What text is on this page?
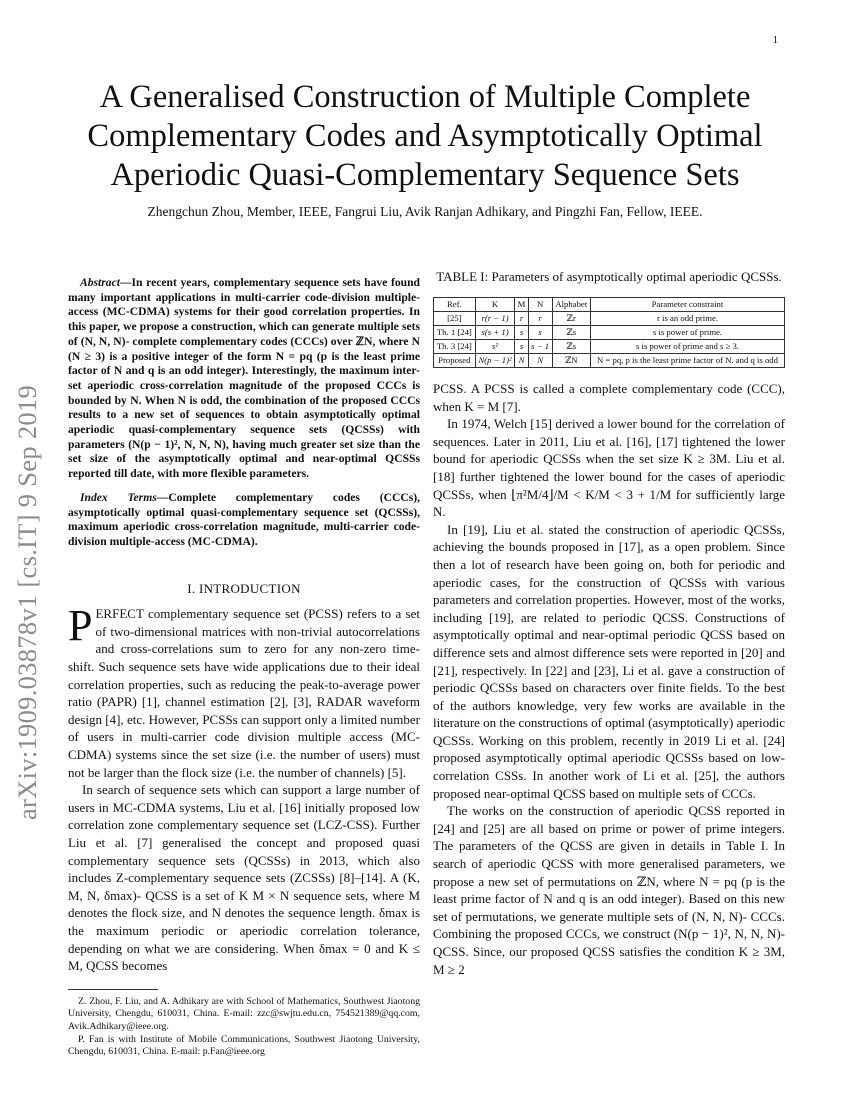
1
arXiv:1909.03878v1 [cs.IT] 9 Sep 2019
A Generalised Construction of Multiple Complete
Complementary Codes and Asymptotically Optimal
Aperiodic Quasi-Complementary Sequence Sets
Zhengchun Zhou, Member, IEEE, Fangrui Liu, Avik Ranjan Adhikary, and Pingzhi Fan, Fellow, IEEE.
Abstract—In recent years, complementary sequence sets have found many important applications in multi-carrier code-division multiple-access (MC-CDMA) systems for their good correlation properties. In this paper, we propose a construction, which can generate multiple sets of (N, N, N)- complete complementary codes (CCCs) over ℤN, where N (N ≥ 3) is a positive integer of the form N = pq (p is the least prime factor of N and q is an odd integer). Interestingly, the maximum inter-set aperiodic cross-correlation magnitude of the proposed CCCs is bounded by N. When N is odd, the combination of the proposed CCCs results to a new set of sequences to obtain asymptotically optimal aperiodic quasi-complementary sequence sets (QCSSs) with parameters (N(p − 1)², N, N, N), having much greater set size than the set size of the asymptotically optimal and near-optimal QCSSs reported till date, with more flexible parameters.
Index Terms—Complete complementary codes (CCCs), asymptotically optimal quasi-complementary sequence set (QCSSs), maximum aperiodic cross-correlation magnitude, multi-carrier code-division multiple-access (MC-CDMA).
I. INTRODUCTION

PERFECT complementary sequence set (PCSS) refers to a set of two-dimensional matrices with non-trivial autocorrelations and cross-correlations sum to zero for any non-zero time-shift. Such sequence sets have wide applications due to their ideal correlation properties, such as reducing the peak-to-average power ratio (PAPR) [1], channel estimation [2], [3], RADAR waveform design [4], etc. However, PCSSs can support only a limited number of users in multi-carrier code division multiple access (MC-CDMA) systems since the set size (i.e. the number of users) must not be larger than the flock size (i.e. the number of channels) [5].

In search of sequence sets which can support a large number of users in MC-CDMA systems, Liu et al. [16] initially proposed low correlation zone complementary sequence set (LCZ-CSS). Further Liu et al. [7] generalised the concept and proposed quasi complementary sequence sets (QCSSs) in 2013, which also includes Z-complementary sequence sets (ZCSSs) [8]–[14]. A (K, M, N, δmax)- QCSS is a set of K M × N sequence sets, where M denotes the flock size, and N denotes the sequence length. δmax is the maximum periodic or aperiodic correlation tolerance, depending on what we are considering. When δmax = 0 and K ≤ M, QCSS becomes

Z. Zhou, F. Liu, and A. Adhikary are with School of Mathematics, Southwest Jiaotong University, Chengdu, 610031, China. E-mail: zzc@swjtu.edu.cn, 754521389@qq.com, Avik.Adhikary@ieee.org.
P. Fan is with Institute of Mobile Communications, Southwest Jiaotong University, Chengdu, 610031, China. E-mail: p.Fan@ieee.org
TABLE I: Parameters of asymptotically optimal aperiodic QCSSs.
Ref.	K	M	N	Alphabet	Parameter constraint
[25]	r(r − 1)	r	r	ℤr	r is an odd prime.
Th. 1 [24]	s(s + 1)	s	s	ℤs	s is power of prime.
Th. 3 [24]	s²	s	s − 1	ℤs	s is power of prime and s ≥ 3.
Proposed	N(p − 1)²	N	N	ℤN	N = pq, p is the least prime factor of N. and q is odd

PCSS. A PCSS is called a complete complementary code (CCC), when K = M [7].

In 1974, Welch [15] derived a lower bound for the correlation of sequences. Later in 2011, Liu et al. [16], [17] tightened the lower bound for aperiodic QCSSs when the set size K ≥ 3M. Liu et al. [18] further tightened the lower bound for the cases of aperiodic QCSSs, when ⌊π²M/4⌋/M < K/M < 3 + 1/M for sufficiently large N.

In [19], Liu et al. stated the construction of aperiodic QCSSs, achieving the bounds proposed in [17], as a open problem. Since then a lot of research have been going on, both for periodic and aperiodic cases, for the construction of QCSSs with various parameters and correlation properties. However, most of the works, including [19], are related to periodic QCSS. Constructions of asymptotically optimal and near-optimal periodic QCSS based on difference sets and almost difference sets were reported in [20] and [21], respectively. In [22] and [23], Li et al. gave a construction of periodic QCSSs based on characters over finite fields. To the best of the authors knowledge, very few works are available in the literature on the constructions of optimal (asymptotically) aperiodic QCSSs. Working on this problem, recently in 2019 Li et al. [24] proposed asymptotically optimal aperiodic QCSSs based on low-correlation CSSs. In another work of Li et al. [25], the authors proposed near-optimal QCSS based on multiple sets of CCCs.

The works on the construction of aperiodic QCSS reported in [24] and [25] are all based on prime or power of prime integers. The parameters of the QCSS are given in details in Table I. In search of aperiodic QCSS with more generalised parameters, we propose a new set of permutations on ℤN, where N = pq (p is the least prime factor of N and q is an odd integer). Based on this new set of permutations, we generate multiple sets of (N, N, N)- CCCs. Combining the proposed CCCs, we construct (N(p − 1)², N, N, N)- QCSS. Since, our proposed QCSS satisfies the condition K ≥ 3M, M ≥ 2
